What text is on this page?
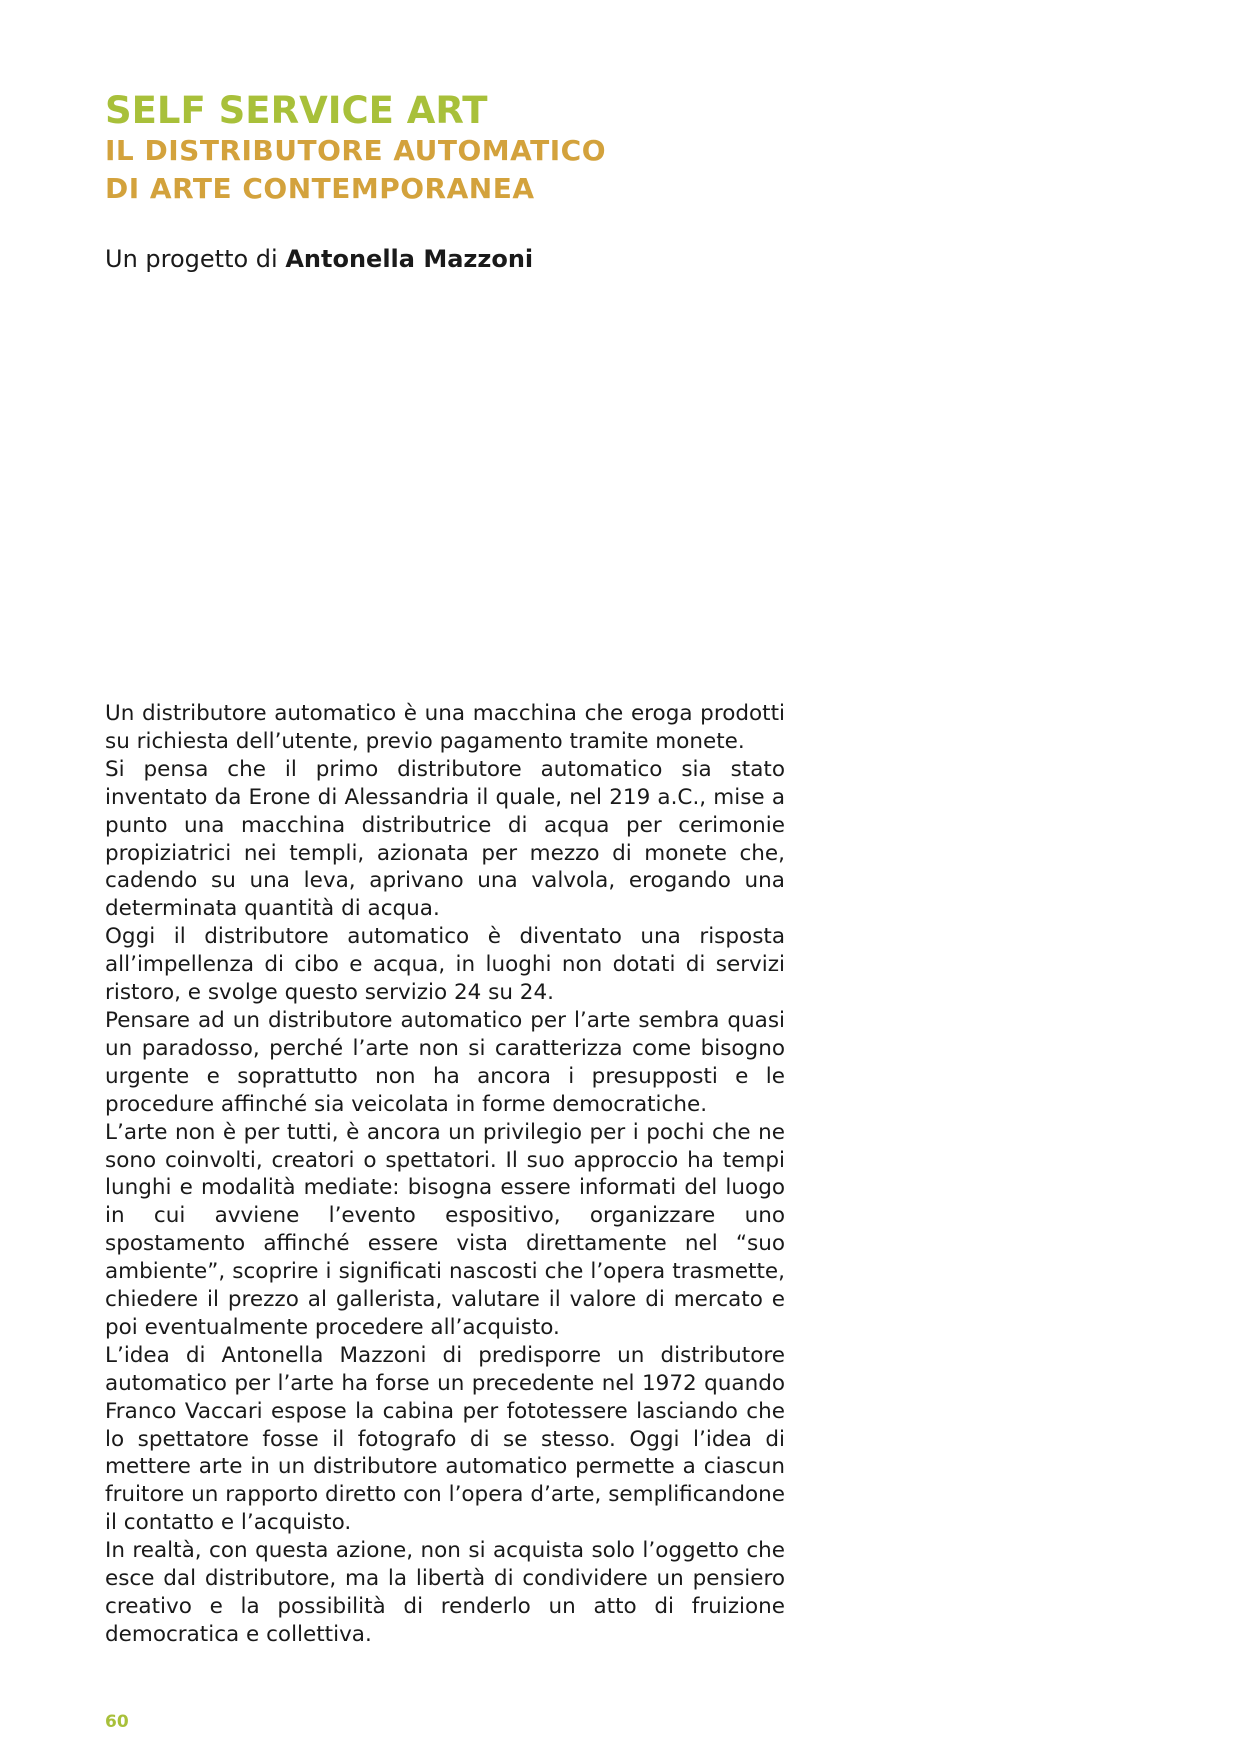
SELF SERVICE ART
IL DISTRIBUTORE AUTOMATICO
DI ARTE CONTEMPORANEA

Un progetto di Antonella Mazzoni

Un distributore automatico è una macchina che eroga prodotti su richiesta dell’utente, previo pagamento tramite monete.

Si pensa che il primo distributore automatico sia stato inventato da Erone di Alessandria il quale, nel 219 a.C., mise a punto una macchina distributrice di acqua per cerimonie propiziatrici nei templi, azionata per mezzo di monete che, cadendo su una leva, aprivano una valvola, erogando una determinata quantità di acqua.

Oggi il distributore automatico è diventato una risposta all’impellenza di cibo e acqua, in luoghi non dotati di servizi ristoro, e svolge questo servizio 24 su 24.

Pensare ad un distributore automatico per l’arte sembra quasi un paradosso, perché l’arte non si caratterizza come bisogno urgente e soprattutto non ha ancora i presupposti e le procedure affinché sia veicolata in forme democratiche.

L’arte non è per tutti, è ancora un privilegio per i pochi che ne sono coinvolti, creatori o spettatori. Il suo approccio ha tempi lunghi e modalità mediate: bisogna essere informati del luogo in cui avviene l’evento espositivo, organizzare uno spostamento affinché essere vista direttamente nel “suo ambiente”, scoprire i significati nascosti che l’opera trasmette, chiedere il prezzo al gallerista, valutare il valore di mercato e poi eventualmente procedere all’acquisto.

L’idea di Antonella Mazzoni di predisporre un distributore automatico per l’arte ha forse un precedente nel 1972 quando Franco Vaccari espose la cabina per fototessere lasciando che lo spettatore fosse il fotografo di se stesso. Oggi l’idea di mettere arte in un distributore automatico permette a ciascun fruitore un rapporto diretto con l’opera d’arte, semplificandone il contatto e l’acquisto.

In realtà, con questa azione, non si acquista solo l’oggetto che esce dal distributore, ma la libertà di condividere un pensiero creativo e la possibilità di renderlo un atto di fruizione democratica e collettiva.

60
